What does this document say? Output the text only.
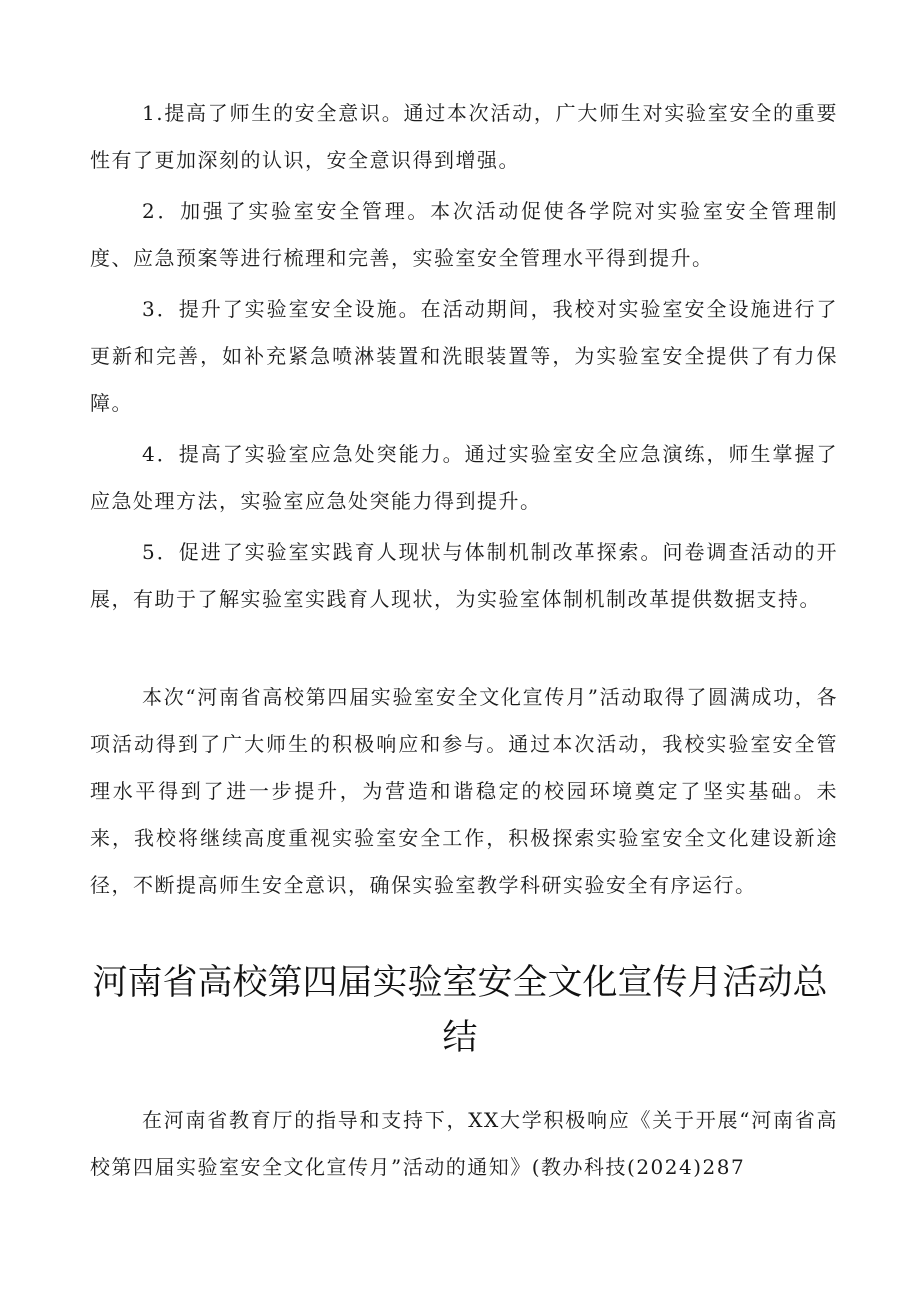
1.提高了师生的安全意识。通过本次活动，广大师生对实验室安全的重要性有了更加深刻的认识，安全意识得到增强。

2．加强了实验室安全管理。本次活动促使各学院对实验室安全管理制度、应急预案等进行梳理和完善，实验室安全管理水平得到提升。

3．提升了实验室安全设施。在活动期间，我校对实验室安全设施进行了更新和完善，如补充紧急喷淋装置和洗眼装置等，为实验室安全提供了有力保障。

4．提高了实验室应急处突能力。通过实验室安全应急演练，师生掌握了应急处理方法，实验室应急处突能力得到提升。

5．促进了实验室实践育人现状与体制机制改革探索。问卷调查活动的开展，有助于了解实验室实践育人现状，为实验室体制机制改革提供数据支持。

本次“河南省高校第四届实验室安全文化宣传月”活动取得了圆满成功，各项活动得到了广大师生的积极响应和参与。通过本次活动，我校实验室安全管理水平得到了进一步提升，为营造和谐稳定的校园环境奠定了坚实基础。未来，我校将继续高度重视实验室安全工作，积极探索实验室安全文化建设新途径，不断提高师生安全意识，确保实验室教学科研实验安全有序运行。

河南省高校第四届实验室安全文化宣传月活动总结

在河南省教育厅的指导和支持下，XX大学积极响应《关于开展“河南省高校第四届实验室安全文化宣传月”活动的通知》(教办科技(2024)287
